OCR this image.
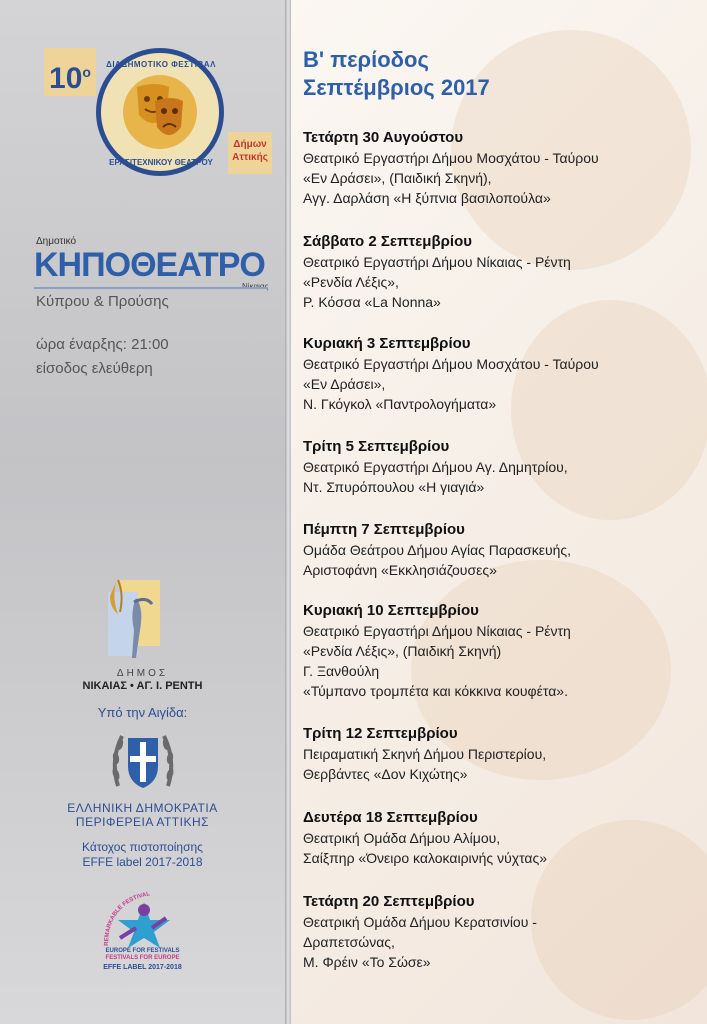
$10^o$	ΔΙΑΔΗΜΟΤΙΚΟ ΦΕΣΤΙΒΑΛ
ΕΡΑΣΙΤΕΧΝΙΚΟΥ ΘΕΑΤΡΟΥ
Δήμων Αττικής
Δημοτικό
ΚΗΠΟΘΕΑΤΡΟ
Κύπρου & Προύσης
ώρα έναρξης: 21:00
είσοδος ελεύθερη
ΔΗΜΟΣ
ΝΙΚΑΙΑΣ • ΑΓ. Ι. ΡΕΝΤΗ
Υπό την Αιγίδα:
ΕΛΛΗΝΙΚΗ ΔΗΜΟΚΡΑΤΙΑ
ΠΕΡΙΦΕΡΕΙΑ ΑΤΤΙΚΗΣ
Κάτοχος πιστοποίησης
EFFE label 2017-2018
REMARKABLE FESTIVAL
EUROPE FOR FESTIVALS
FESTIVALS FOR EUROPE
EFFE LABEL 2017-2018
Β' περίοδος
Σεπτέμβριος 2017
Τετάρτη 30 Αυγούστου
Θεατρικό Εργαστήρι Δήμου Μοσχάτου - Ταύρου
«Εν Δράσει», (Παιδική Σκηνή),
Αγγ. Δαρλάση «Η ξύπνια βασιλοπούλα»
Σάββατο 2 Σεπτεμβρίου
Θεατρικό Εργαστήρι Δήμου Νίκαιας - Ρέντη
«Ρενδία Λέξις»,
Ρ. Κόσσα «La Nonna»
Κυριακή 3 Σεπτεμβρίου
Θεατρικό Εργαστήρι Δήμου Μοσχάτου - Ταύρου
«Εν Δράσει»,
Ν. Γκόγκολ «Παντρολογήματα»
Τρίτη 5 Σεπτεμβρίου
Θεατρικό Εργαστήρι Δήμου Αγ. Δημητρίου,
Ντ. Σπυρόπουλου «Η γιαγιά»
Πέμπτη 7 Σεπτεμβρίου
Ομάδα Θεάτρου Δήμου Αγίας Παρασκευής,
Αριστοφάνη «Εκκλησιάζουσες»
Κυριακή 10 Σεπτεμβρίου
Θεατρικό Εργαστήρι Δήμου Νίκαιας - Ρέντη
«Ρενδία Λέξις», (Παιδική Σκηνή)
Γ. Ξανθούλη
«Τύμπανο τρομπέτα και κόκκινα κουφέτα».
Τρίτη 12 Σεπτεμβρίου
Πειραματική Σκηνή Δήμου Περιστερίου,
Θερβάντες «Δον Κιχώτης»
Δευτέρα 18 Σεπτεμβρίου
Θεατρική Ομάδα Δήμου Αλίμου,
Σαίξπηρ «Όνειρο καλοκαιρινής νύχτας»
Τετάρτη 20 Σεπτεμβρίου
Θεατρική Ομάδα Δήμου Κερατσινίου -
Δραπετσώνας,
Μ. Φρέιν «Το Σώσε»
